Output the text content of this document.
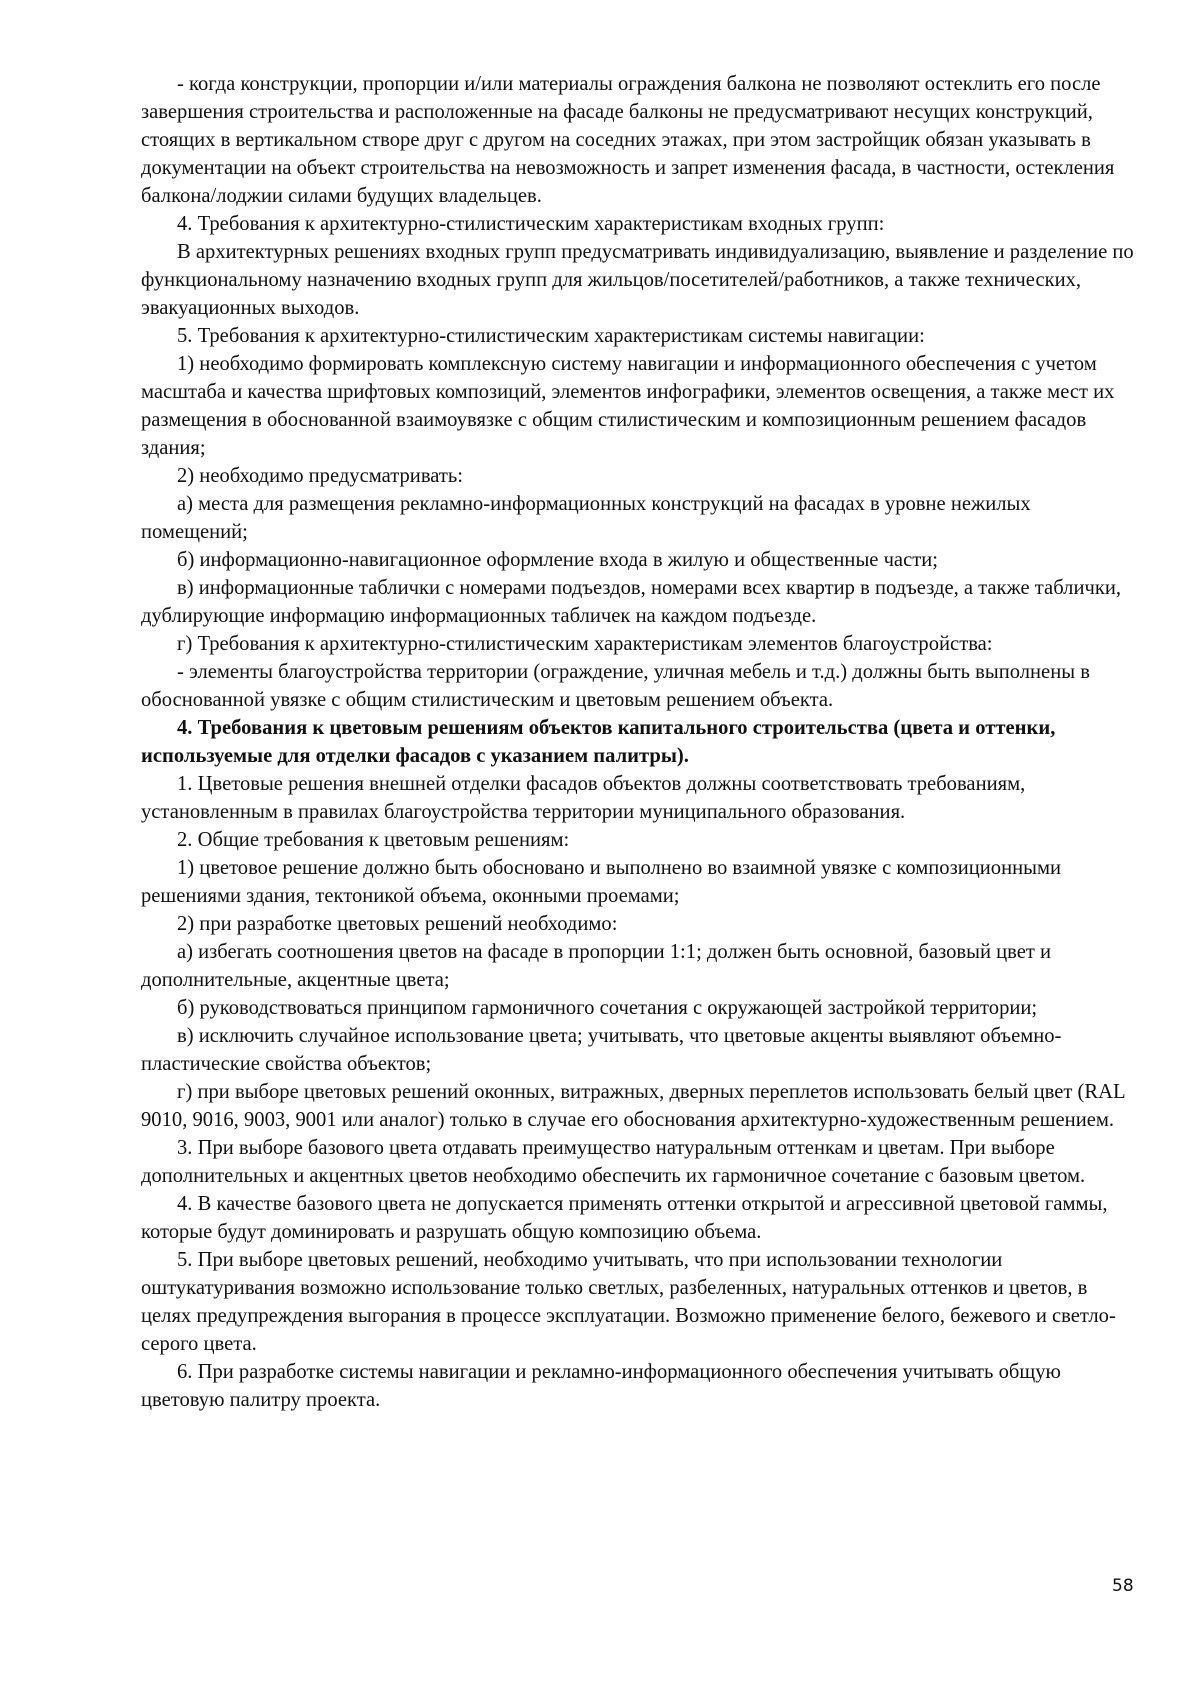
- когда конструкции, пропорции и/или материалы ограждения балкона не позволяют остеклить его после завершения строительства и расположенные на фасаде балконы не предусматривают несущих конструкций, стоящих в вертикальном створе друг с другом на соседних этажах, при этом застройщик обязан указывать в документации на объект строительства на невозможность и запрет изменения фасада, в частности, остекления балкона/лоджии силами будущих владельцев.

4. Требования к архитектурно-стилистическим характеристикам входных групп:

В архитектурных решениях входных групп предусматривать индивидуализацию, выявление и разделение по функциональному назначению входных групп для жильцов/посетителей/работников, а также технических, эвакуационных выходов.

5. Требования к архитектурно-стилистическим характеристикам системы навигации:

1) необходимо формировать комплексную систему навигации и информационного обеспечения с учетом масштаба и качества шрифтовых композиций, элементов инфографики, элементов освещения, а также мест их размещения в обоснованной взаимоувязке с общим стилистическим и композиционным решением фасадов здания;

2) необходимо предусматривать:

а) места для размещения рекламно-информационных конструкций на фасадах в уровне нежилых помещений;

б) информационно-навигационное оформление входа в жилую и общественные части;

в) информационные таблички с номерами подъездов, номерами всех квартир в подъезде, а также таблички, дублирующие информацию информационных табличек на каждом подъезде.

г) Требования к архитектурно-стилистическим характеристикам элементов благоустройства:

- элементы благоустройства территории (ограждение, уличная мебель и т.д.) должны быть выполнены в обоснованной увязке с общим стилистическим и цветовым решением объекта.

4. Требования к цветовым решениям объектов капитального строительства (цвета и оттенки, используемые для отделки фасадов с указанием палитры).

1. Цветовые решения внешней отделки фасадов объектов должны соответствовать требованиям, установленным в правилах благоустройства территории муниципального образования.

2. Общие требования к цветовым решениям:

1) цветовое решение должно быть обосновано и выполнено во взаимной увязке с композиционными решениями здания, тектоникой объема, оконными проемами;

2) при разработке цветовых решений необходимо:

а) избегать соотношения цветов на фасаде в пропорции 1:1; должен быть основной, базовый цвет и дополнительные, акцентные цвета;

б) руководствоваться принципом гармоничного сочетания с окружающей застройкой территории;

в) исключить случайное использование цвета; учитывать, что цветовые акценты выявляют объемно-пластические свойства объектов;

г) при выборе цветовых решений оконных, витражных, дверных переплетов использовать белый цвет (RAL 9010, 9016, 9003, 9001 или аналог) только в случае его обоснования архитектурно-художественным решением.

3. При выборе базового цвета отдавать преимущество натуральным оттенкам и цветам. При выборе дополнительных и акцентных цветов необходимо обеспечить их гармоничное сочетание с базовым цветом.

4. В качестве базового цвета не допускается применять оттенки открытой и агрессивной цветовой гаммы, которые будут доминировать и разрушать общую композицию объема.

5. При выборе цветовых решений, необходимо учитывать, что при использовании технологии оштукатуривания возможно использование только светлых, разбеленных, натуральных оттенков и цветов, в целях предупреждения выгорания в процессе эксплуатации. Возможно применение белого, бежевого и светло-серого цвета.

6. При разработке системы навигации и рекламно-информационного обеспечения учитывать общую цветовую палитру проекта.

58
